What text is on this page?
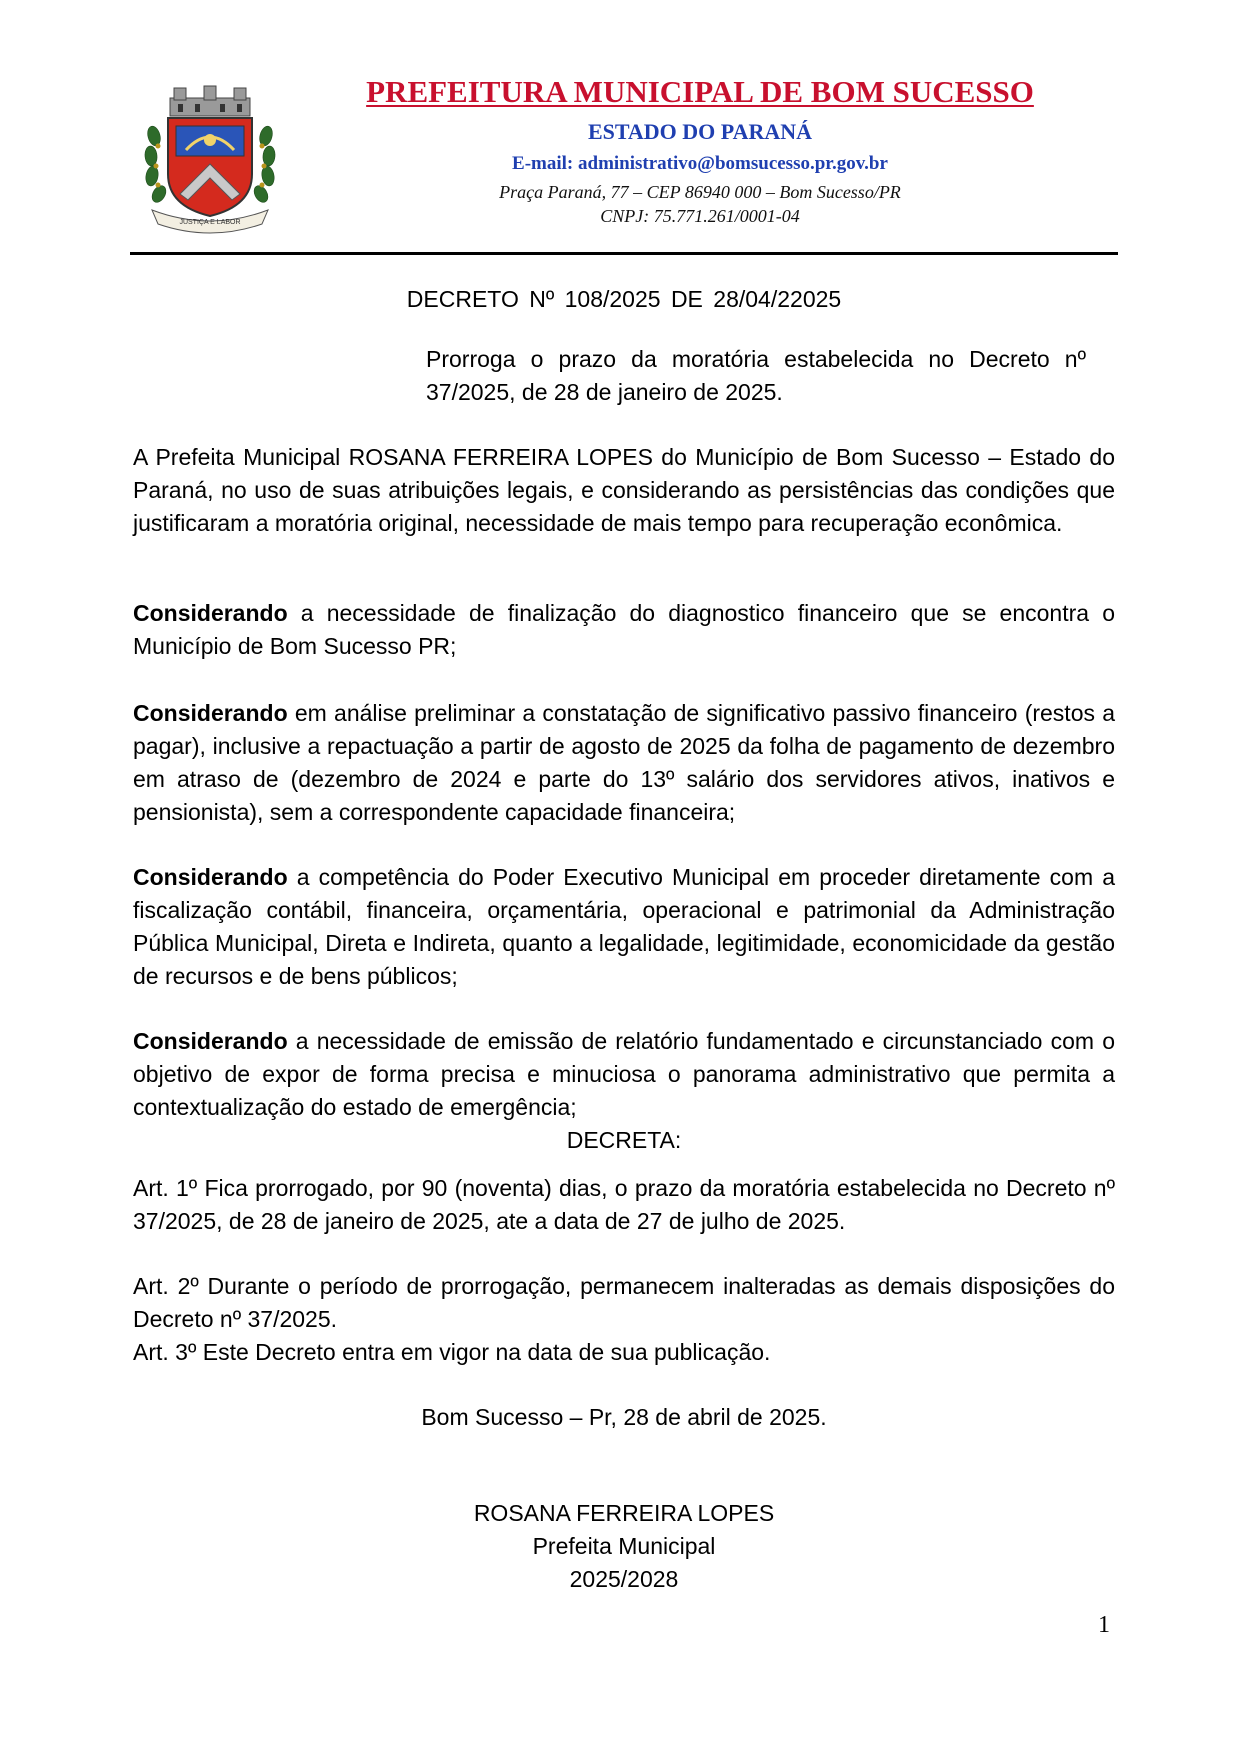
JUSTIÇA E LABOR
PREFEITURA MUNICIPAL DE BOM SUCESSO
ESTADO DO PARANÁ
E-mail: administrativo@bomsucesso.pr.gov.br
Praça Paraná, 77 – CEP 86940 000 – Bom Sucesso/PR
CNPJ: 75.771.261/0001-04

DECRETO Nº 108/2025 DE 28/04/22025

Prorroga o prazo da moratória estabelecida no Decreto nº 37/2025, de 28 de janeiro de 2025.

A Prefeita Municipal ROSANA FERREIRA LOPES do Município de Bom Sucesso – Estado do Paraná, no uso de suas atribuições legais, e considerando as persistências das condições que justificaram a moratória original, necessidade de mais tempo para recuperação econômica.

Considerando a necessidade de finalização do diagnostico financeiro que se encontra o Município de Bom Sucesso PR;

Considerando em análise preliminar a constatação de significativo passivo financeiro (restos a pagar), inclusive a repactuação a partir de agosto de 2025 da folha de pagamento de dezembro em atraso de (dezembro de 2024 e parte do 13º salário dos servidores ativos, inativos e pensionista), sem a correspondente capacidade financeira;

Considerando a competência do Poder Executivo Municipal em proceder diretamente com a fiscalização contábil, financeira, orçamentária, operacional e patrimonial da Administração Pública Municipal, Direta e Indireta, quanto a legalidade, legitimidade, economicidade da gestão de recursos e de bens públicos;

Considerando a necessidade de emissão de relatório fundamentado e circunstanciado com o objetivo de expor de forma precisa e minuciosa o panorama administrativo que permita a contextualização do estado de emergência;

DECRETA:

Art. 1º Fica prorrogado, por 90 (noventa) dias, o prazo da moratória estabelecida no Decreto nº 37/2025, de 28 de janeiro de 2025, ate a data de 27 de julho de 2025.

Art. 2º Durante o período de prorrogação, permanecem inalteradas as demais disposições do Decreto nº 37/2025.

Art. 3º Este Decreto entra em vigor na data de sua publicação.

Bom Sucesso – Pr, 28 de abril de 2025.

ROSANA FERREIRA LOPES

Prefeita Municipal

2025/2028

1
